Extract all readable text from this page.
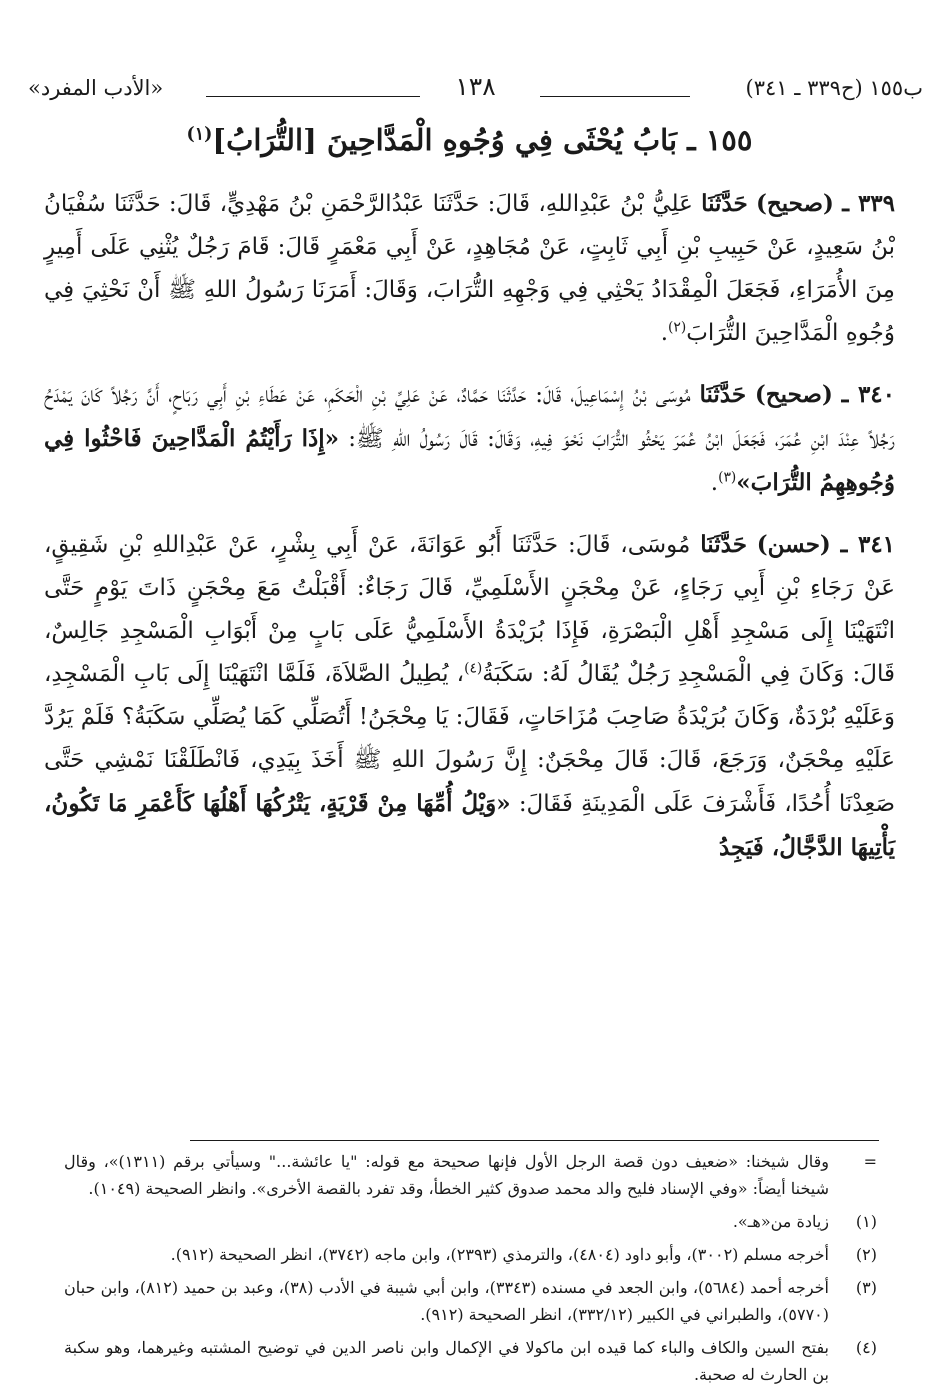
ب١٥٥ (ح٣٣٩ ـ ٣٤١)
١٣٨
«الأدب المفرد»
١٥٥ ـ بَابُ يُحْثَى فِي وُجُوهِ الْمَدَّاحِينَ [التُّرَابُ]$^{(١)}$

٣٣٩ ـ (صحيح) حَدَّثَنَا عَلِيُّ بْنُ عَبْدِاللهِ، قَالَ: حَدَّثَنَا عَبْدُالرَّحْمَنِ بْنُ مَهْدِيٍّ، قَالَ: حَدَّثَنَا سُفْيَانُ بْنُ سَعِيدٍ، عَنْ حَبِيبِ بْنِ أَبِي ثَابِتٍ، عَنْ مُجَاهِدٍ، عَنْ أَبِي مَعْمَرٍ قَالَ: قَامَ رَجُلٌ يُثْنِي عَلَى أَمِيرٍ مِنَ الأُمَرَاءِ، فَجَعَلَ الْمِقْدَادُ يَحْثِي فِي وَجْهِهِ التُّرَابَ، وَقَالَ: أَمَرَنَا رَسُولُ اللهِ ﷺ أَنْ نَحْثِيَ فِي وُجُوهِ الْمَدَّاحِينَ التُّرَابَ$^{(٢)}$.

٣٤٠ ـ (صحيح) حَدَّثَنَا مُوسَى بْنُ إِسْمَاعِيلَ، قَالَ: حَدَّثَنَا حَمَّادٌ، عَنْ عَلِيِّ بْنِ الْحَكَمِ، عَنْ عَطَاءِ بْنِ أَبِي رَبَاحٍ، أَنَّ رَجُلاً كَانَ يَمْدَحُ رَجُلاً عِنْدَ ابْنِ عُمَرَ، فَجَعَلَ ابْنُ عُمَرَ يَحْثُو التُّرَابَ نَحْوَ فِيهِ، وَقَالَ: قَالَ رَسُولُ اللهِ ﷺ: «إِذَا رَأَيْتُمُ الْمَدَّاحِينَ فَاحْثُوا فِي وُجُوهِهِمُ التُّرَابَ»$^{(٣)}$.

٣٤١ ـ (حسن) حَدَّثَنَا مُوسَى، قَالَ: حَدَّثَنَا أَبُو عَوَانَةَ، عَنْ أَبِي بِشْرٍ، عَنْ عَبْدِاللهِ بْنِ شَقِيقٍ، عَنْ رَجَاءِ بْنِ أَبِي رَجَاءٍ، عَنْ مِحْجَنٍ الأَسْلَمِيِّ، قَالَ رَجَاءٌ: أَقْبَلْتُ مَعَ مِحْجَنٍ ذَاتَ يَوْمٍ حَتَّى انْتَهَيْنَا إِلَى مَسْجِدِ أَهْلِ الْبَصْرَةِ، فَإِذَا بُرَيْدَةُ الأَسْلَمِيُّ عَلَى بَابٍ مِنْ أَبْوَابِ الْمَسْجِدِ جَالِسٌ، قَالَ: وَكَانَ فِي الْمَسْجِدِ رَجُلٌ يُقَالُ لَهُ: سَكَبَةُ$^{(٤)}$، يُطِيلُ الصَّلاَةَ، فَلَمَّا انْتَهَيْنَا إِلَى بَابِ الْمَسْجِدِ، وَعَلَيْهِ بُرْدَةٌ، وَكَانَ بُرَيْدَةُ صَاحِبَ مُزَاحَاتٍ، فَقَالَ: يَا مِحْجَنُ! أَتُصَلِّي كَمَا يُصَلِّي سَكَبَةُ؟ فَلَمْ يَرُدَّ عَلَيْهِ مِحْجَنٌ، وَرَجَعَ، قَالَ: قَالَ مِحْجَنٌ: إِنَّ رَسُولَ اللهِ ﷺ أَخَذَ بِيَدِي، فَانْطَلَقْنَا نَمْشِي حَتَّى صَعِدْنَا أُحُدًا، فَأَشْرَفَ عَلَى الْمَدِينَةِ فَقَالَ: «وَيْلُ أُمِّهَا مِنْ قَرْيَةٍ، يَتْرُكُهَا أَهْلُهَا كَأَعْمَرِ مَا تَكُونُ، يَأْتِيهَا الدَّجَّالُ، فَيَجِدُ

=
وقال شيخنا: «ضعيف دون قصة الرجل الأول فإنها صحيحة مع قوله: "يا عائشة..." وسيأتي برقم (١٣١١)»، وقال شيخنا أيضاً: «وفي الإسناد فليح والد محمد صدوق كثير الخطأ، وقد تفرد بالقصة الأخرى». وانظر الصحيحة (١٠٤٩).

(١)
زيادة من«هـ».

(٢)
أخرجه مسلم (٣٠٠٢)، وأبو داود (٤٨٠٤)، والترمذي (٢٣٩٣)، وابن ماجه (٣٧٤٢)، انظر الصحيحة (٩١٢).

(٣)
أخرجه أحمد (٥٦٨٤)، وابن الجعد في مسنده (٣٣٤٣)، وابن أبي شيبة في الأدب (٣٨)، وعبد بن حميد (٨١٢)، وابن حبان (٥٧٧٠)، والطبراني في الكبير (٣٣٢/١٢)، انظر الصحيحة (٩١٢).

(٤)
بفتح السين والكاف والباء كما قيده ابن ماكولا في الإكمال وابن ناصر الدين في توضيح المشتبه وغيرهما، وهو سكبة بن الحارث له صحبة.
